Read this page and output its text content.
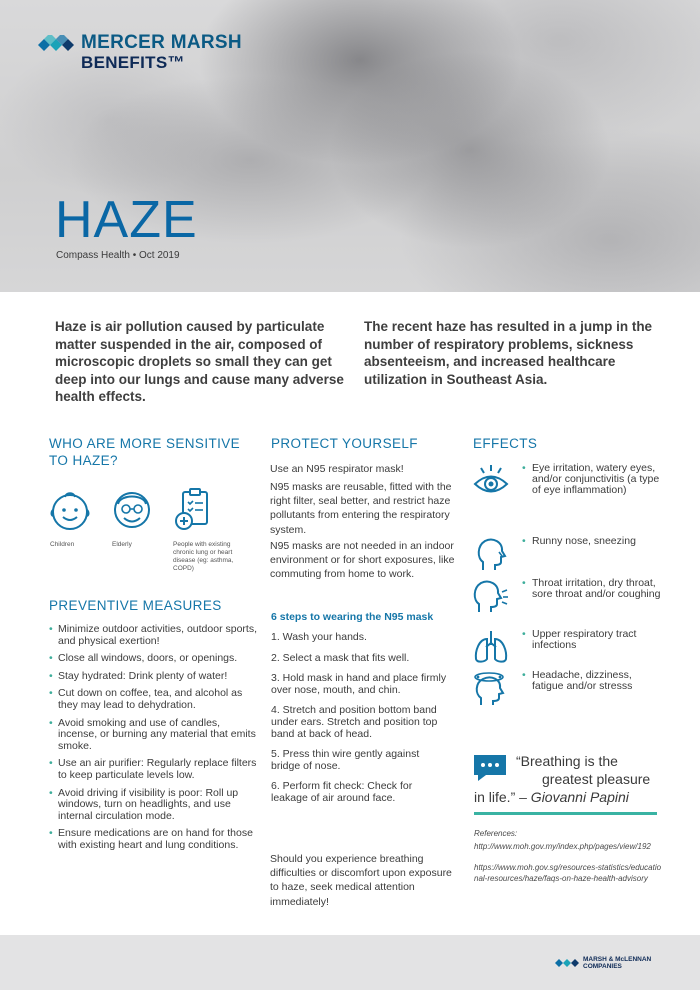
MERCER MARSH
BENEFITS™
HAZE
Compass Health • Oct 2019

Haze is air pollution caused by particulate matter suspended in the air, composed of microscopic droplets so small they can get deep into our lungs and cause many adverse health effects.

The recent haze has resulted in a jump in the number of respiratory problems, sickness absenteeism, and increased healthcare utilization in Southeast Asia.

WHO ARE MORE SENSITIVE
TO HAZE?
Children	Elderly	People with existing chronic lung or heart disease (eg: asthma, COPD)
PREVENTIVE MEASURES
• Minimize outdoor activities, outdoor sports, and physical exertion!
• Close all windows, doors, or openings.
• Stay hydrated: Drink plenty of water!
• Cut down on coffee, tea, and alcohol as they may lead to dehydration.
• Avoid smoking and use of candles, incense, or burning any material that emits smoke.
• Use an air purifier: Regularly replace filters to keep particulate levels low.
• Avoid driving if visibility is poor: Roll up windows, turn on headlights, and use internal circulation mode.
• Ensure medications are on hand for those with existing heart and lung conditions.
PROTECT YOURSELF

Use an N95 respirator mask!

N95 masks are reusable, fitted with the right filter, seal better, and restrict haze pollutants from entering the respiratory system.

N95 masks are not needed in an indoor environment or for short exposures, like commuting from home to work.

6 steps to wearing the N95 mask
1. Wash your hands.
2. Select a mask that fits well.
3. Hold mask in hand and place firmly over nose, mouth, and chin.
4. Stretch and position bottom band under ears. Stretch and position top band at back of head.
5. Press thin wire gently against bridge of nose.
6. Perform fit check: Check for leakage of air around face.

Should you experience breathing difficulties or discomfort upon exposure to haze, seek medical attention immediately!

EFFECTS
• Eye irritation, watery eyes, and/or conjunctivitis (a type of eye inflammation)
• Runny nose, sneezing
• Throat irritation, dry throat, sore throat and/or coughing
• Upper respiratory tract infections
• Headache, dizziness, fatigue and/or stresss
“Breathing is the
greatest pleasure
in life.” – Giovanni Papini

References:

http://www.moh.gov.my/index.php/pages/view/192

https://www.moh.gov.sg/resources-statistics/educational-resources/haze/faqs-on-haze-health-advisory

MARSH & McLENNAN
COMPANIES
